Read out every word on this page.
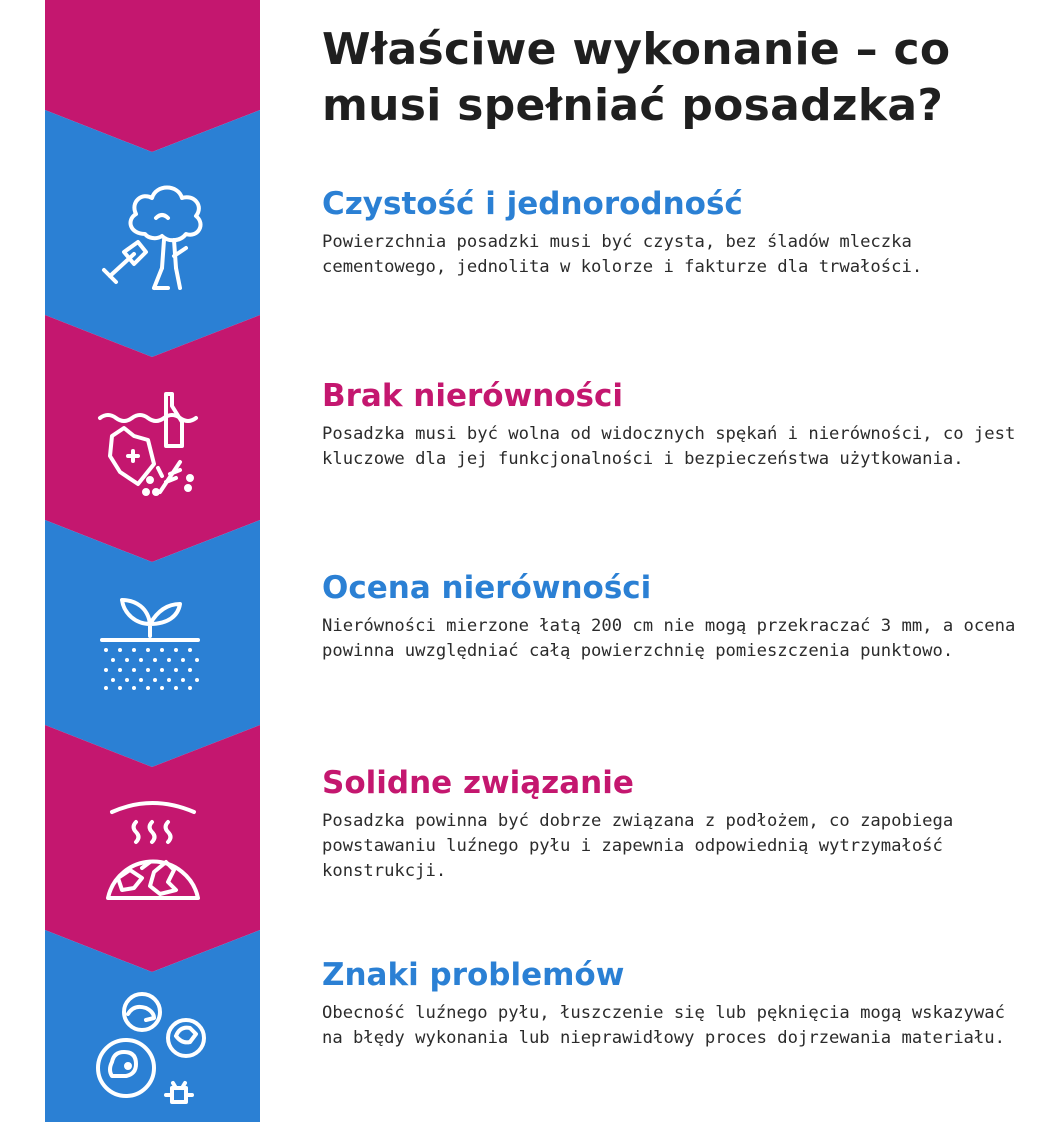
Właściwe wykonanie – co musi spełniać posadzka?
Czystość i jednorodność

Powierzchnia posadzki musi być czysta, bez śladów mleczka cementowego, jednolita w kolorze i fakturze dla trwałości.

Brak nierówności

Posadzka musi być wolna od widocznych spękań i nierówności, co jest kluczowe dla jej funkcjonalności i bezpieczeństwa użytkowania.

Ocena nierówności

Nierówności mierzone łatą 200 cm nie mogą przekraczać 3 mm, a ocena powinna uwzględniać całą powierzchnię pomieszczenia punktowo.

Solidne związanie

Posadzka powinna być dobrze związana z podłożem, co zapobiega powstawaniu luźnego pyłu i zapewnia odpowiednią wytrzymałość konstrukcji.

Znaki problemów

Obecność luźnego pyłu, łuszczenie się lub pęknięcia mogą wskazywać na błędy wykonania lub nieprawidłowy proces dojrzewania materiału.
